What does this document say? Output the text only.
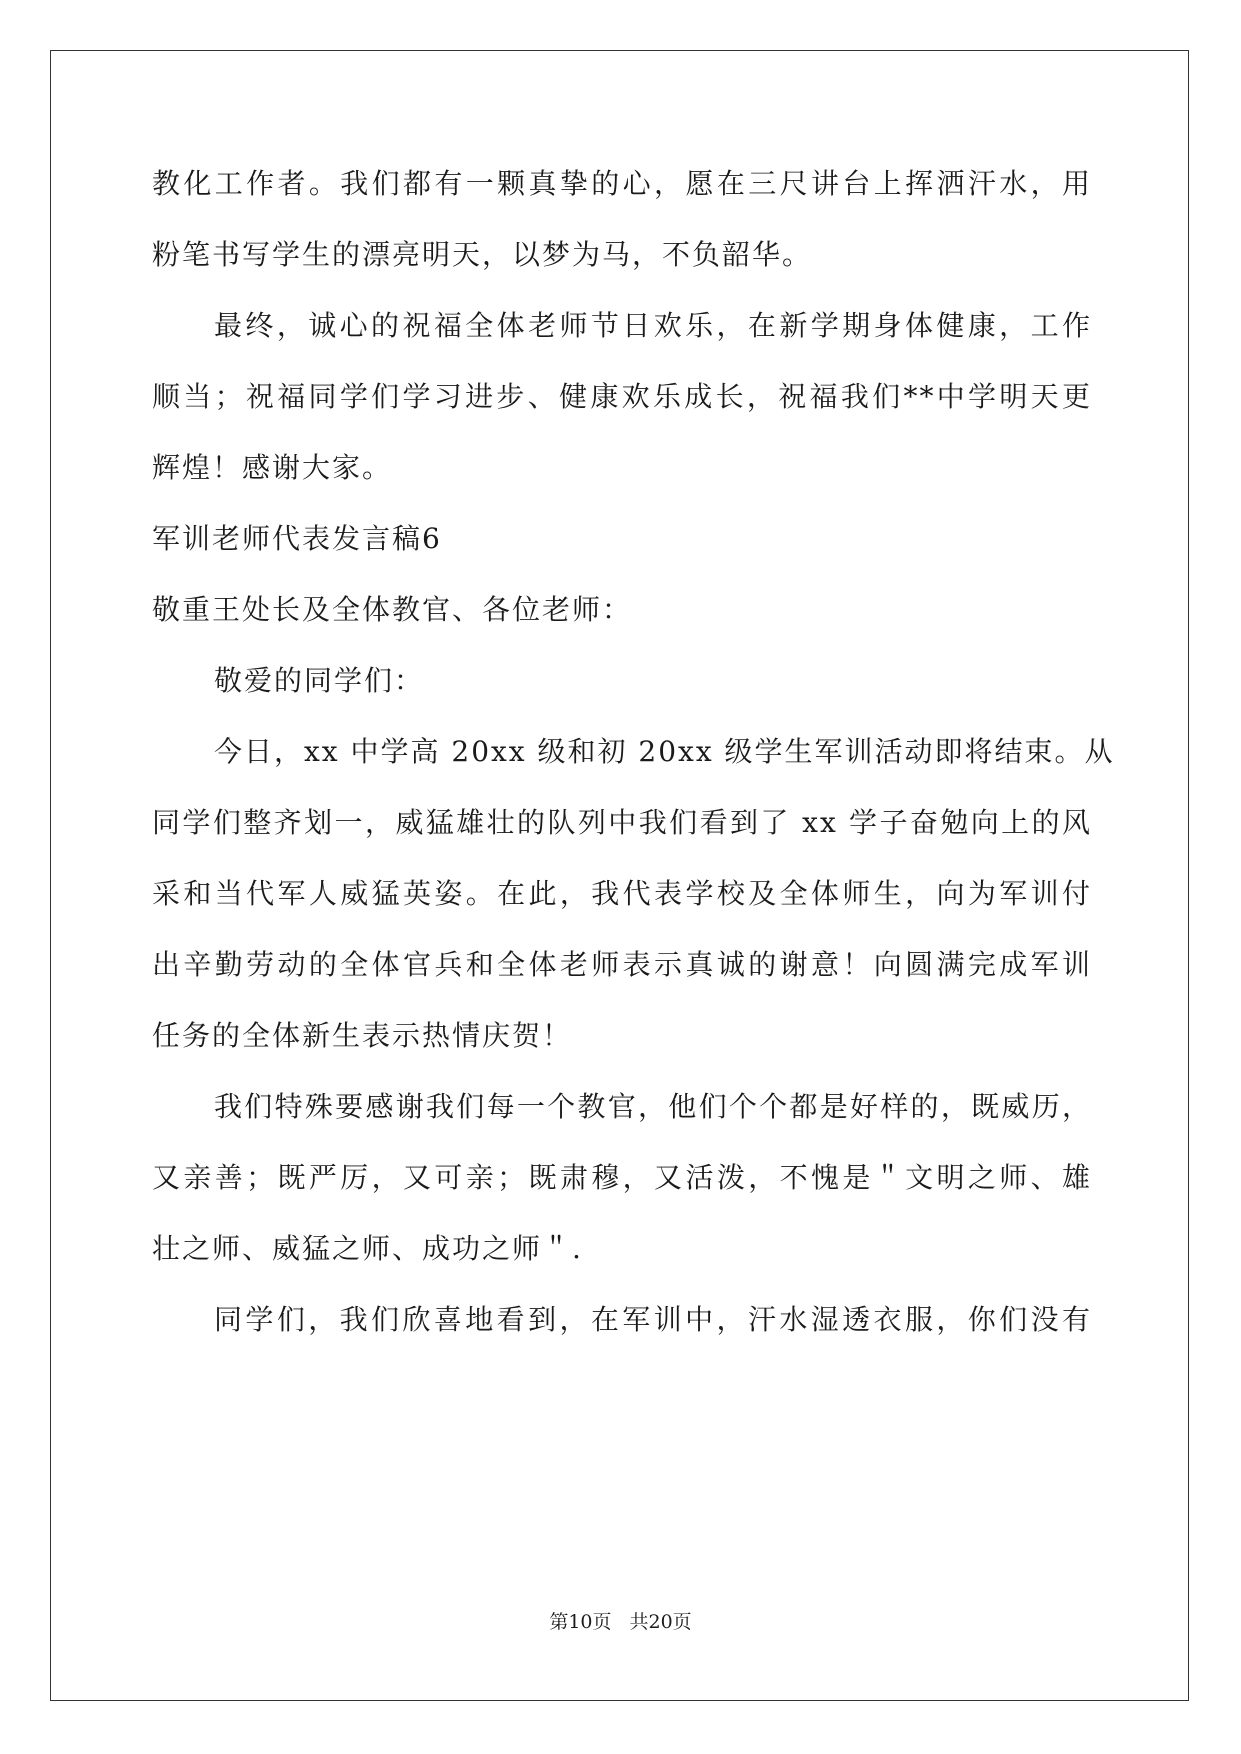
教化工作者。我们都有一颗真挚的心，愿在三尺讲台上挥洒汗水，用
粉笔书写学生的漂亮明天，以梦为马，不负韶华。
最终，诚心的祝福全体老师节日欢乐，在新学期身体健康，工作
顺当；祝福同学们学习进步、健康欢乐成长，祝福我们**中学明天更
辉煌！感谢大家。
军训老师代表发言稿6
敬重王处长及全体教官、各位老师：
敬爱的同学们：
今日，xx 中学高 20xx 级和初 20xx 级学生军训活动即将结束。从
同学们整齐划一，威猛雄壮的队列中我们看到了 xx 学子奋勉向上的风
采和当代军人威猛英姿。在此，我代表学校及全体师生，向为军训付
出辛勤劳动的全体官兵和全体老师表示真诚的谢意！向圆满完成军训
任务的全体新生表示热情庆贺！
我们特殊要感谢我们每一个教官，他们个个都是好样的，既威历，
又亲善；既严厉，又可亲；既肃穆，又活泼，不愧是＂文明之师、雄
壮之师、威猛之师、成功之师＂.
同学们，我们欣喜地看到，在军训中，汗水湿透衣服，你们没有
第10页 共20页
